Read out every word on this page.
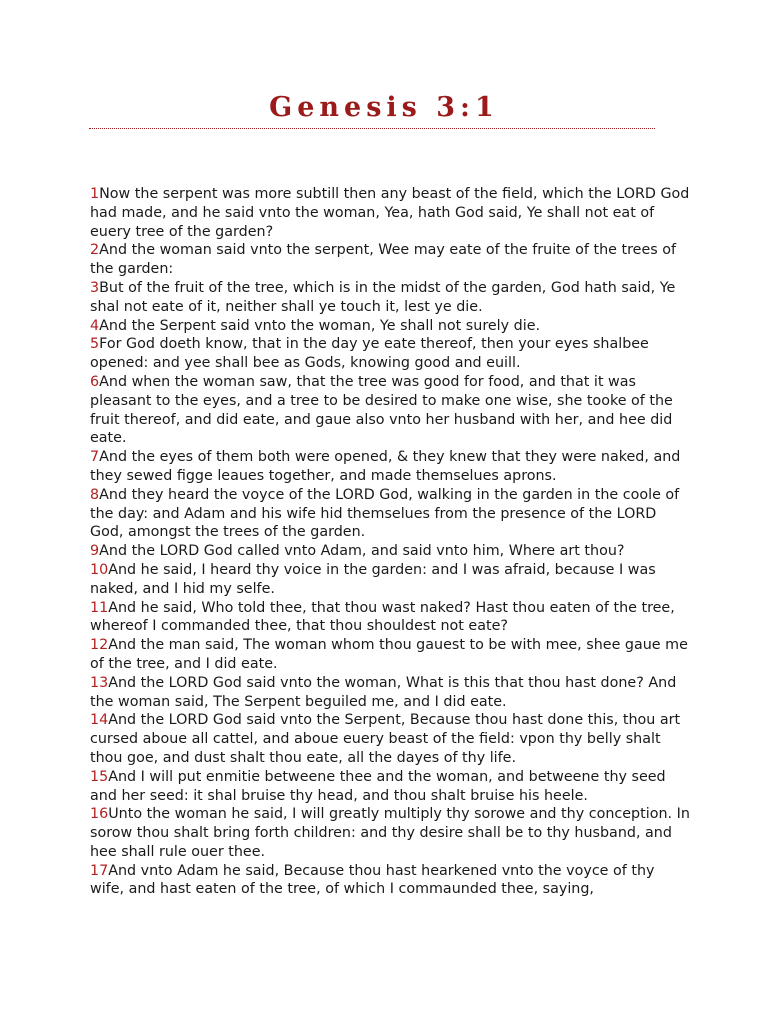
Genesis 3:1

1Now the serpent was more subtill then any beast of the field, which the LORD God had made, and he said vnto the woman, Yea, hath God said, Ye shall not eat of euery tree of the garden?

2And the woman said vnto the serpent, Wee may eate of the fruite of the trees of the garden:

3But of the fruit of the tree, which is in the midst of the garden, God hath said, Ye shal not eate of it, neither shall ye touch it, lest ye die.

4And the Serpent said vnto the woman, Ye shall not surely die.

5For God doeth know, that in the day ye eate thereof, then your eyes shalbee opened: and yee shall bee as Gods, knowing good and euill.

6And when the woman saw, that the tree was good for food, and that it was pleasant to the eyes, and a tree to be desired to make one wise, she tooke of the fruit thereof, and did eate, and gaue also vnto her husband with her, and hee did eate.

7And the eyes of them both were opened, & they knew that they were naked, and they sewed figge leaues together, and made themselues aprons.

8And they heard the voyce of the LORD God, walking in the garden in the coole of the day: and Adam and his wife hid themselues from the presence of the LORD God, amongst the trees of the garden.

9And the LORD God called vnto Adam, and said vnto him, Where art thou?

10And he said, I heard thy voice in the garden: and I was afraid, because I was naked, and I hid my selfe.

11And he said, Who told thee, that thou wast naked? Hast thou eaten of the tree, whereof I commanded thee, that thou shouldest not eate?

12And the man said, The woman whom thou gauest to be with mee, shee gaue me of the tree, and I did eate.

13And the LORD God said vnto the woman, What is this that thou hast done? And the woman said, The Serpent beguiled me, and I did eate.

14And the LORD God said vnto the Serpent, Because thou hast done this, thou art cursed aboue all cattel, and aboue euery beast of the field: vpon thy belly shalt thou goe, and dust shalt thou eate, all the dayes of thy life.

15And I will put enmitie betweene thee and the woman, and betweene thy seed and her seed: it shal bruise thy head, and thou shalt bruise his heele.

16Unto the woman he said, I will greatly multiply thy sorowe and thy conception. In sorow thou shalt bring forth children: and thy desire shall be to thy husband, and hee shall rule ouer thee.

17And vnto Adam he said, Because thou hast hearkened vnto the voyce of thy wife, and hast eaten of the tree, of which I commaunded thee, saying,
